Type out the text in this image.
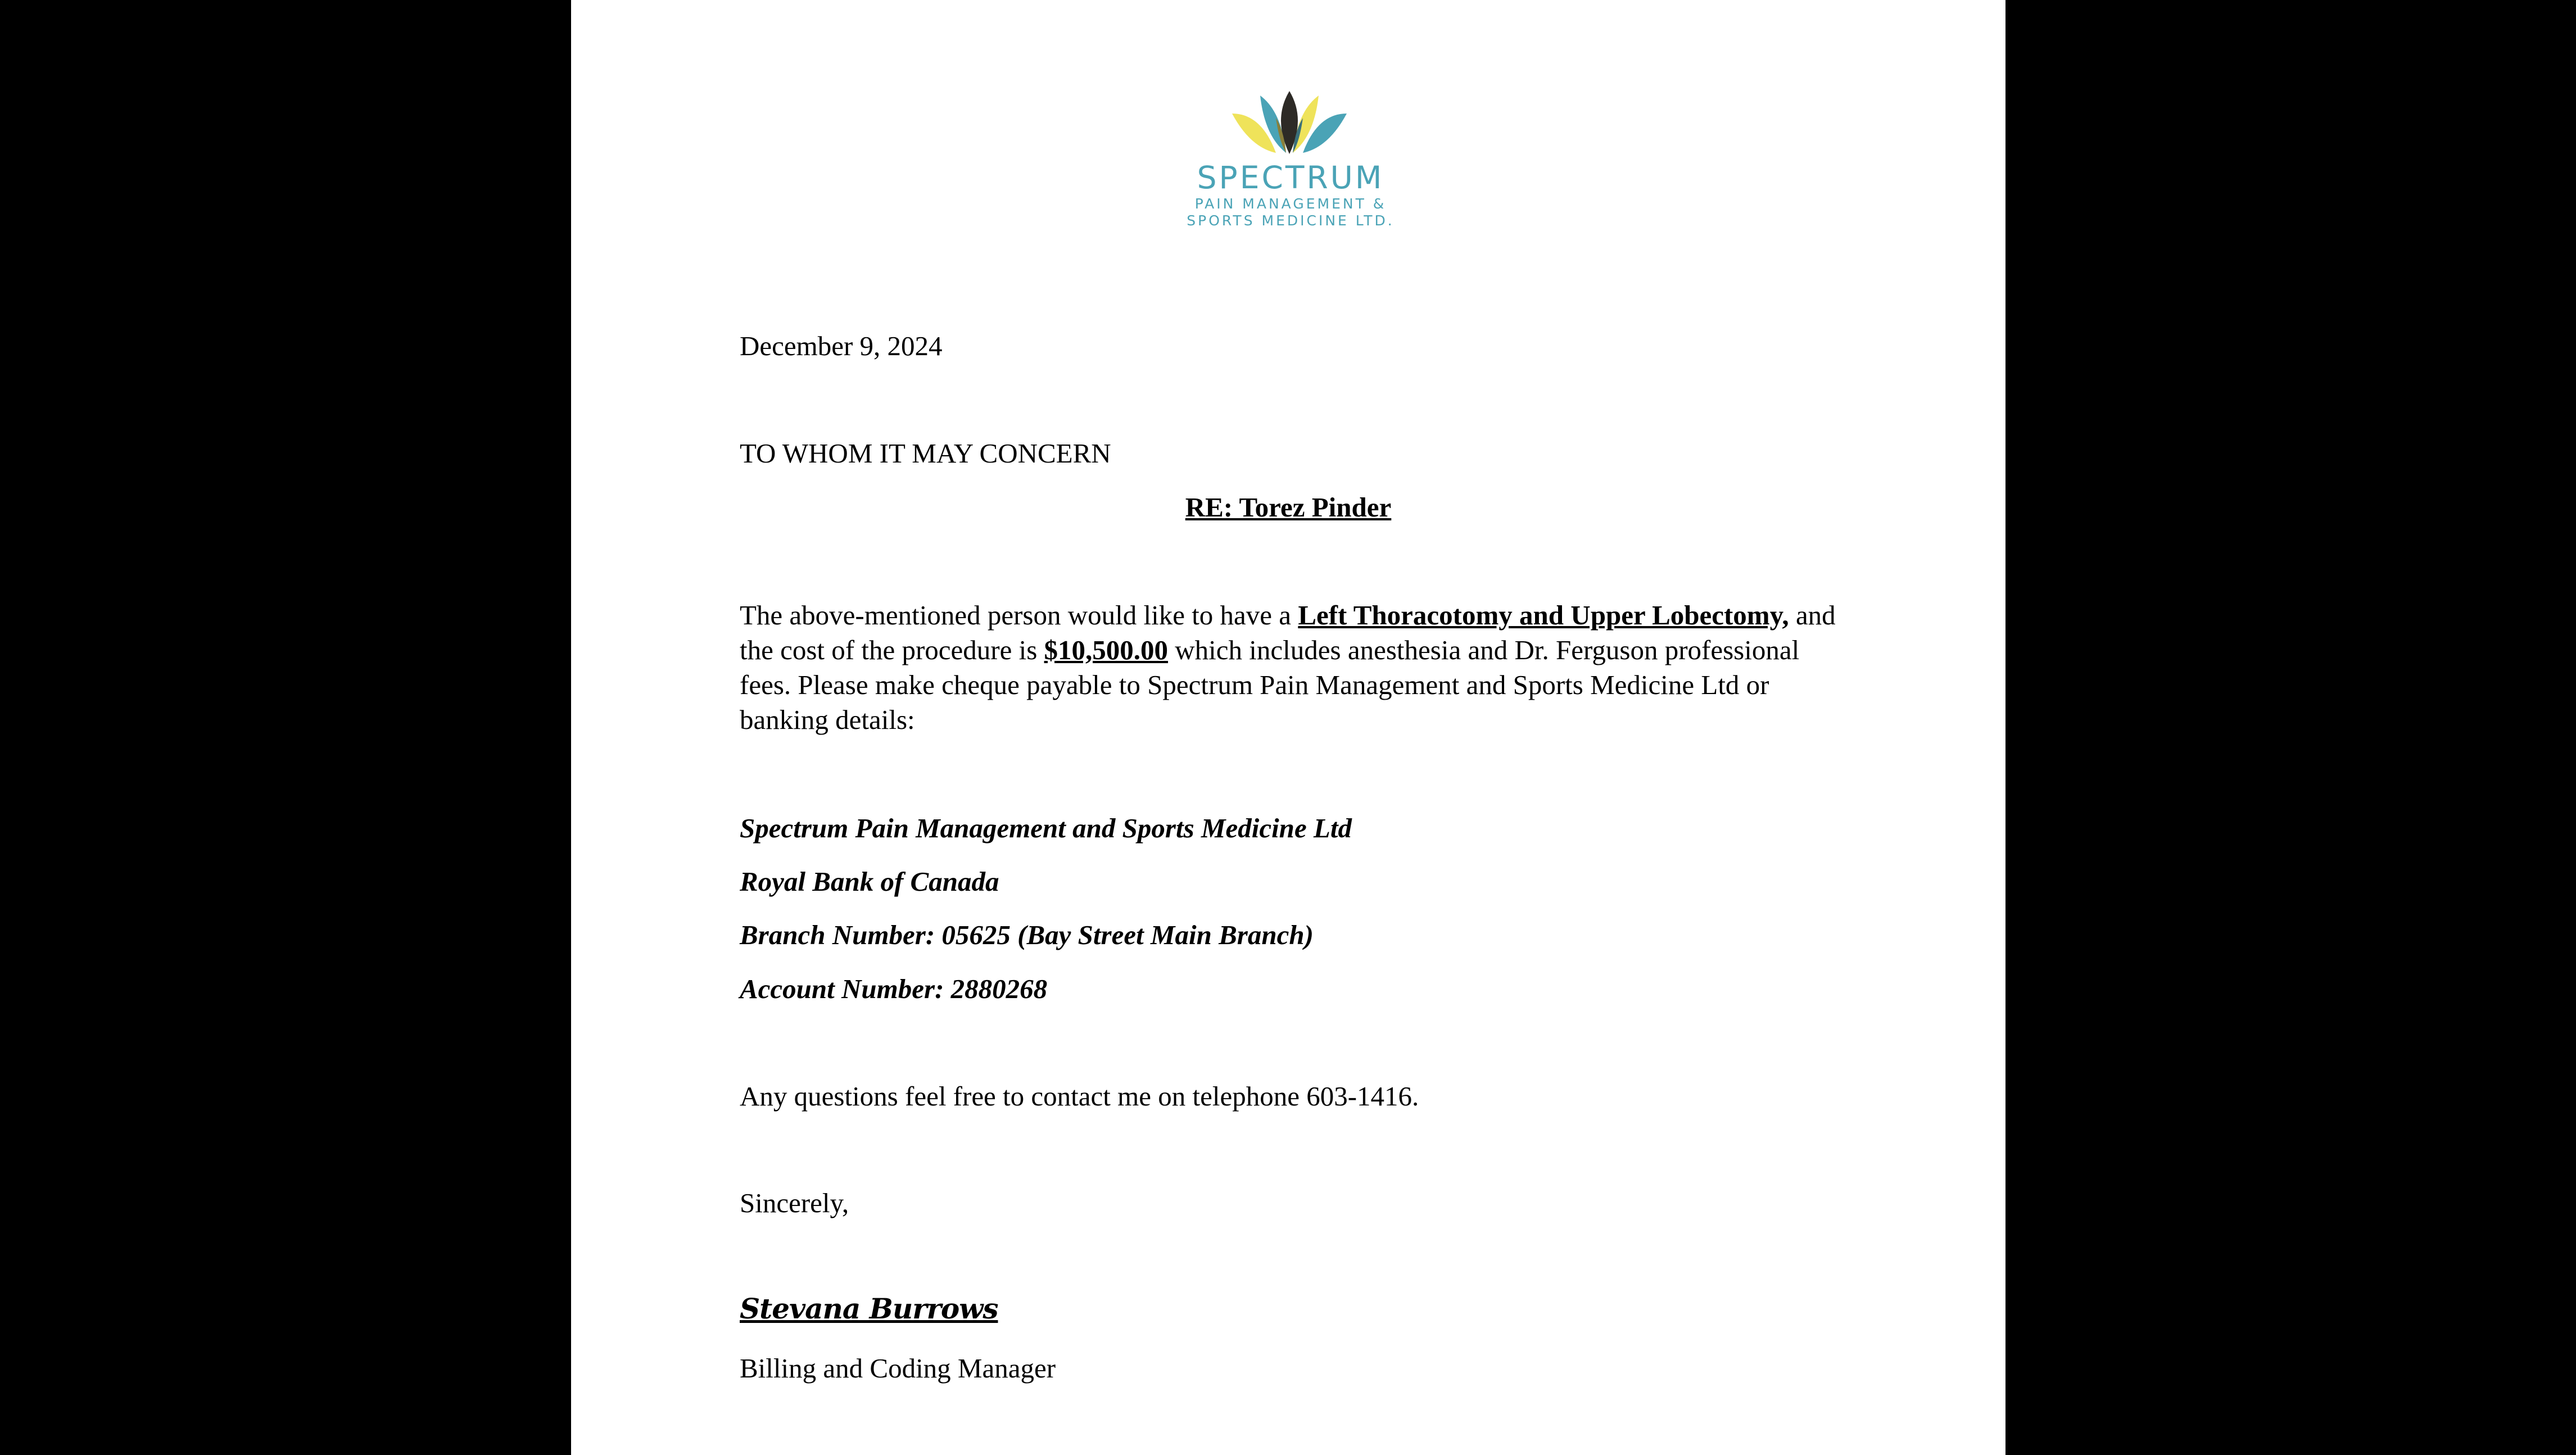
SPECTRUM
PAIN MANAGEMENT &
SPORTS MEDICINE LTD.
December 9, 2024
TO WHOM IT MAY CONCERN
RE: Torez Pinder
The above-mentioned person would like to have a Left Thoracotomy and Upper Lobectomy, and the cost of the procedure is $10,500.00 which includes anesthesia and Dr. Ferguson professional fees. Please make cheque payable to Spectrum Pain Management and Sports Medicine Ltd or banking details:
Spectrum Pain Management and Sports Medicine Ltd
Royal Bank of Canada
Branch Number: 05625 (Bay Street Main Branch)
Account Number: 2880268
Any questions feel free to contact me on telephone 603-1416.
Sincerely,
Stevana Burrows
Billing and Coding Manager
